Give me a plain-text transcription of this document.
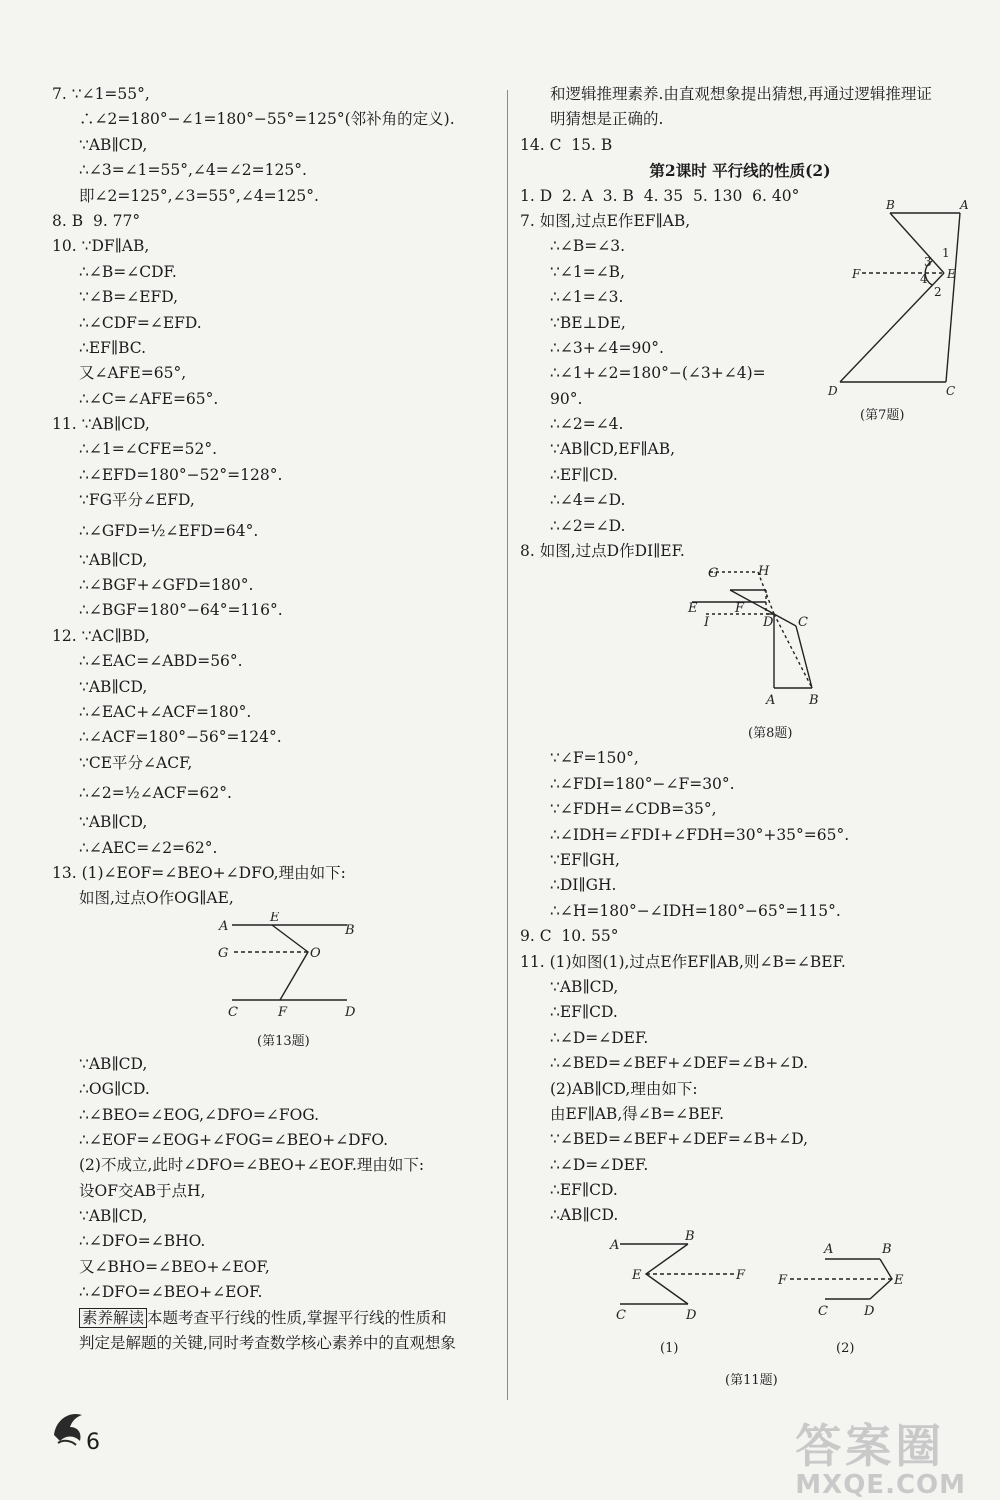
7. ∵∠1=55°,
∴∠2=180°−∠1=180°−55°=125°(邻补角的定义).
∵AB∥CD,
∴∠3=∠1=55°,∠4=∠2=125°.
即∠2=125°,∠3=55°,∠4=125°.
8. B  9. 77°
10. ∵DF∥AB,
∴∠B=∠CDF.
∵∠B=∠EFD,
∴∠CDF=∠EFD.
∴EF∥BC.
又∠AFE=65°,
∴∠C=∠AFE=65°.
11. ∵AB∥CD,
∴∠1=∠CFE=52°.
∴∠EFD=180°−52°=128°.
∵FG平分∠EFD,
∴∠GFD=½∠EFD=64°.
∵AB∥CD,
∴∠BGF+∠GFD=180°.
∴∠BGF=180°−64°=116°.
12. ∵AC∥BD,
∴∠EAC=∠ABD=56°.
∵AB∥CD,
∴∠EAC+∠ACF=180°.
∴∠ACF=180°−56°=124°.
∵CE平分∠ACF,
∴∠2=½∠ACF=62°.
∵AB∥CD,
∴∠AEC=∠2=62°.
13. (1)∠EOF=∠BEO+∠DFO,理由如下:
如图,过点O作OG∥AE,
A
E
B
G	O
C	F	D
(第13题)
∵AB∥CD,
∴OG∥CD.
∴∠BEO=∠EOG,∠DFO=∠FOG.
∴∠EOF=∠EOG+∠FOG=∠BEO+∠DFO.
(2)不成立,此时∠DFO=∠BEO+∠EOF.理由如下:
设OF交AB于点H,
∵AB∥CD,
∴∠DFO=∠BHO.
又∠BHO=∠BEO+∠EOF,
∴∠DFO=∠BEO+∠EOF.
素养解读 本题考查平行线的性质,掌握平行线的性质和
判定是解题的关键,同时考查数学核心素养中的直观想象
和逻辑推理素养.由直观想象提出猜想,再通过逻辑推理证
明猜想是正确的.
14. C  15. B
第2课时 平行线的性质(2)
1. D  2. A  3. B  4. 35  5. 130  6. 40°
7. 如图,过点E作EF∥AB,
∴∠B=∠3.
∵∠1=∠B,
∴∠1=∠3.
∵BE⊥DE,
∴∠3+∠4=90°.
∴∠1+∠2=180°−(∠3+∠4)=
90°.
∴∠2=∠4.
∵AB∥CD,EF∥AB,
∴EF∥CD.
∴∠4=∠D.
∴∠2=∠D.
B	A
1
3
4
2
E
F
D	C
(第7题)
8. 如图,过点D作DI∥EF.
G	H
E	F
I	D C
A	B
(第8题)
∵∠F=150°,
∴∠FDI=180°−∠F=30°.
∵∠FDH=∠CDB=35°,
∴∠IDH=∠FDI+∠FDH=30°+35°=65°.
∵EF∥GH,
∴DI∥GH.
∴∠H=180°−∠IDH=180°−65°=115°.
9. C  10. 55°
11. (1)如图(1),过点E作EF∥AB,则∠B=∠BEF.
∵AB∥CD,
∴EF∥CD.
∴∠D=∠DEF.
∴∠BED=∠BEF+∠DEF=∠B+∠D.
(2)AB∥CD,理由如下:
由EF∥AB,得∠B=∠BEF.
∵∠BED=∠BEF+∠DEF=∠B+∠D,
∴∠D=∠DEF.
∴EF∥CD.
∴AB∥CD.
A
B
E	F
C	D
A	B
F	E
C	D
(1)	(2)
(第11题)
6	答案圈
MXQE.COM
